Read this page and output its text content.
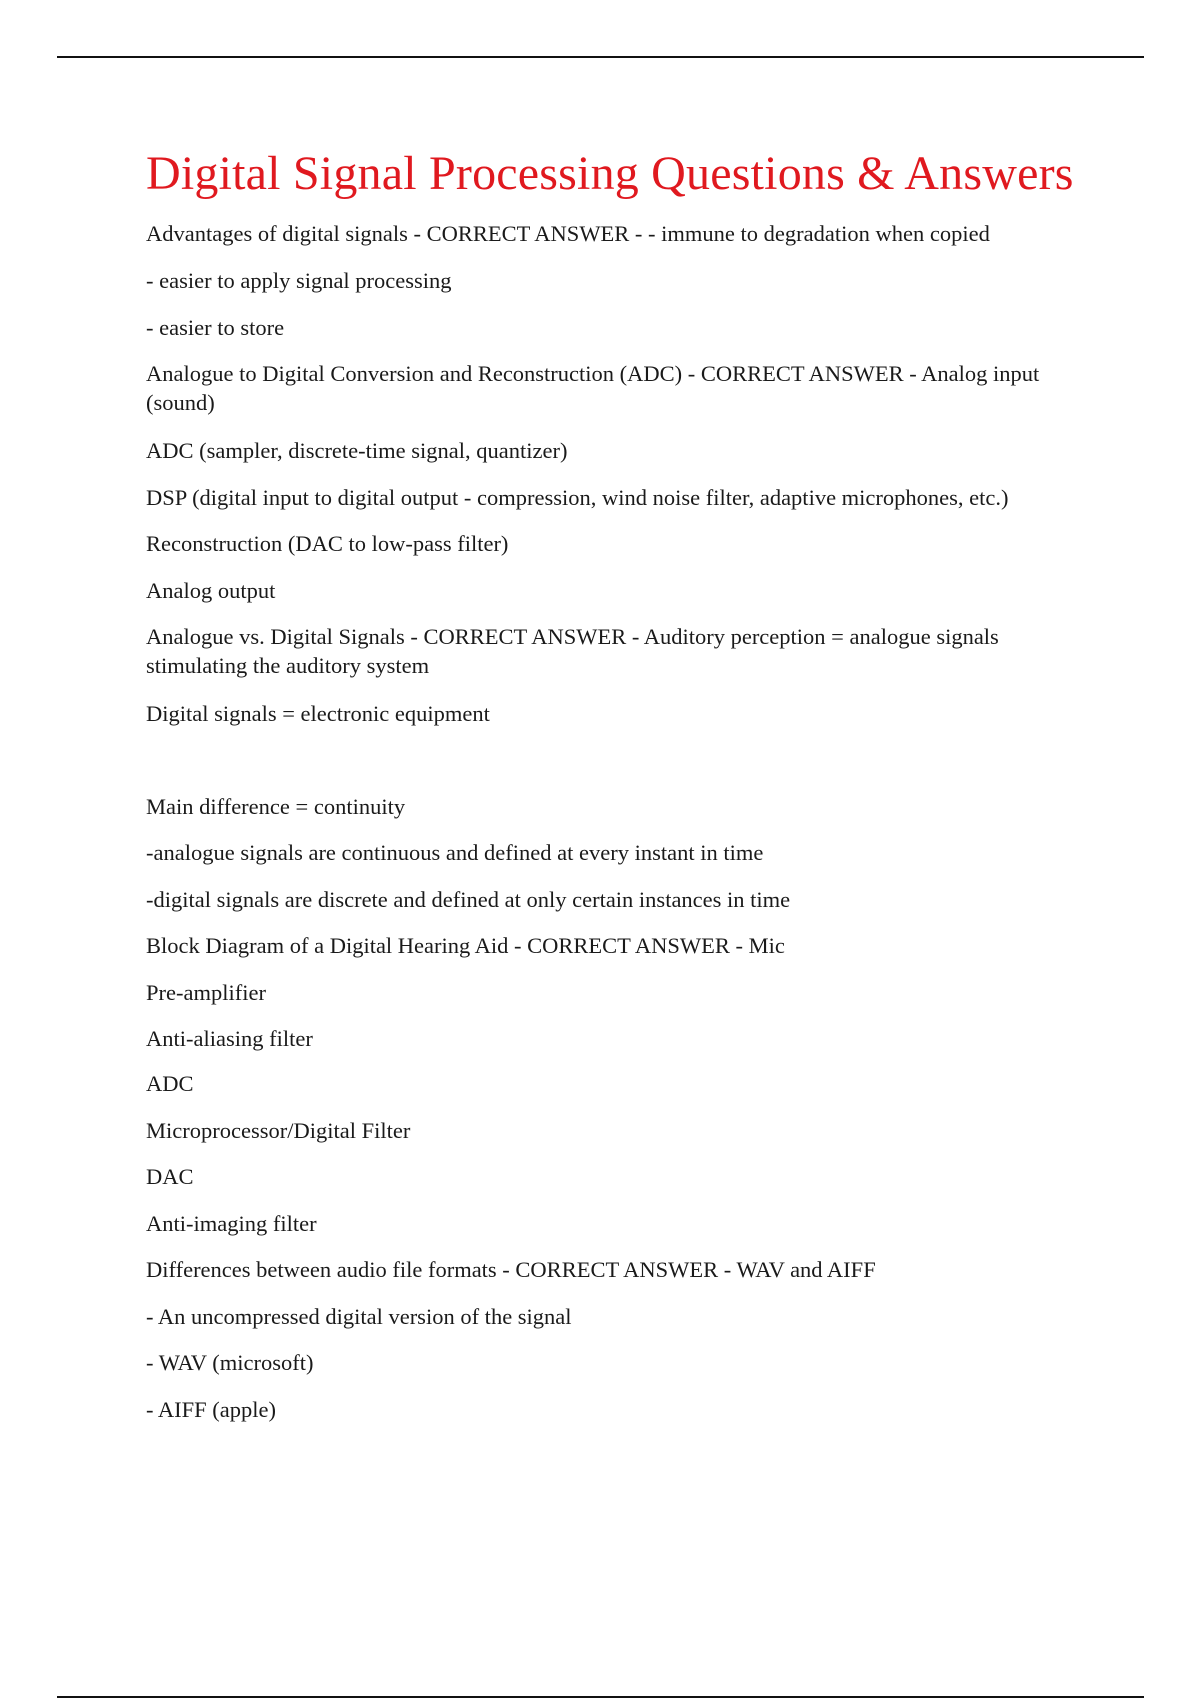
Digital Signal Processing Questions & Answers

Advantages of digital signals - CORRECT ANSWER - - immune to degradation when copied

- easier to apply signal processing

- easier to store

Analogue to Digital Conversion and Reconstruction (ADC) - CORRECT ANSWER - Analog input (sound)

ADC (sampler, discrete-time signal, quantizer)

DSP (digital input to digital output - compression, wind noise filter, adaptive microphones, etc.)

Reconstruction (DAC to low-pass filter)

Analog output

Analogue vs. Digital Signals - CORRECT ANSWER - Auditory perception = analogue signals stimulating the auditory system

Digital signals = electronic equipment

Main difference = continuity

-analogue signals are continuous and defined at every instant in time

-digital signals are discrete and defined at only certain instances in time

Block Diagram of a Digital Hearing Aid - CORRECT ANSWER - Mic

Pre-amplifier

Anti-aliasing filter

ADC

Microprocessor/Digital Filter

DAC

Anti-imaging filter

Differences between audio file formats - CORRECT ANSWER - WAV and AIFF

- An uncompressed digital version of the signal

- WAV (microsoft)

- AIFF (apple)
